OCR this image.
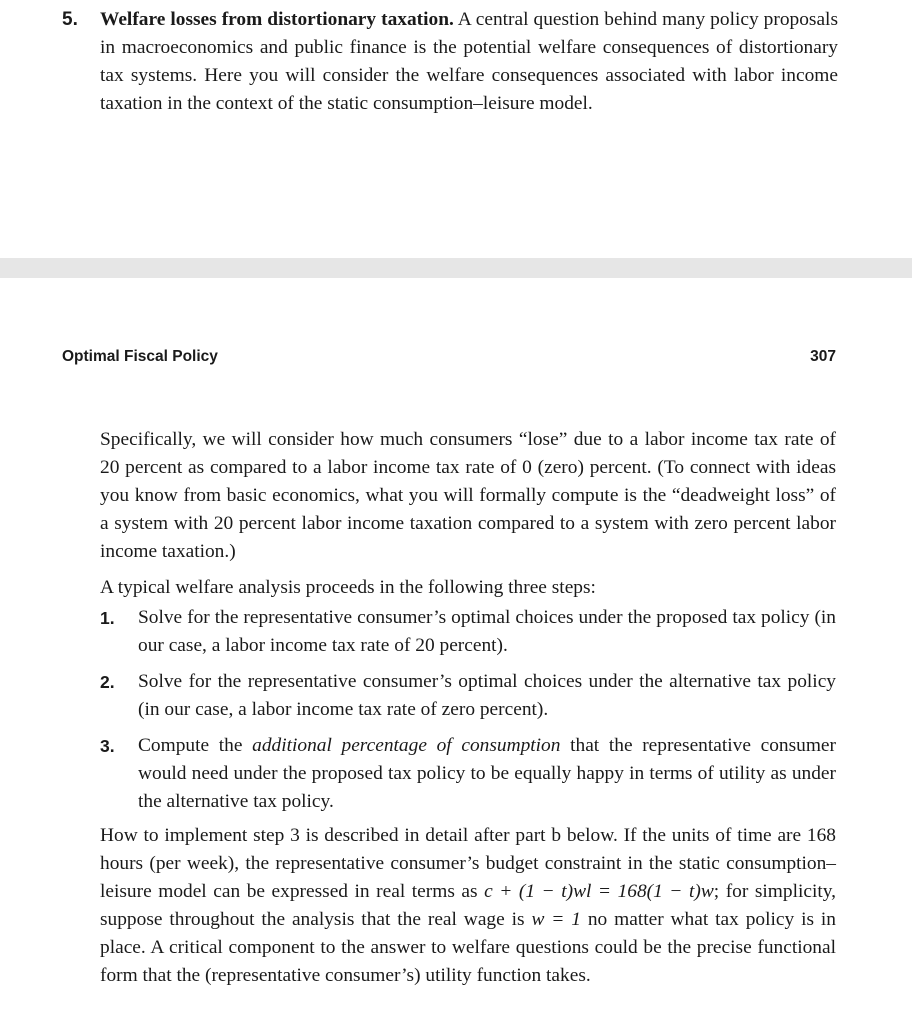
5. Welfare losses from distortionary taxation. A central question behind many policy proposals in macroeconomics and public finance is the potential welfare consequences of distortionary tax systems. Here you will consider the welfare consequences associated with labor income taxation in the context of the static consumption–leisure model.

Optimal Fiscal Policy	307

Specifically, we will consider how much consumers “lose” due to a labor income tax rate of 20 percent as compared to a labor income tax rate of 0 (zero) percent. (To connect with ideas you know from basic economics, what you will formally compute is the “deadweight loss” of a system with 20 percent labor income taxation compared to a system with zero percent labor income taxation.)

A typical welfare analysis proceeds in the following three steps:

1. Solve for the representative consumer’s optimal choices under the proposed tax policy (in our case, a labor income tax rate of 20 percent).
2. Solve for the representative consumer’s optimal choices under the alternative tax policy (in our case, a labor income tax rate of zero percent).
3. Compute the additional percentage of consumption that the representative consumer would need under the proposed tax policy to be equally happy in terms of utility as under the alternative tax policy.

How to implement step 3 is described in detail after part b below. If the units of time are 168 hours (per week), the representative consumer’s budget constraint in the static consumption–leisure model can be expressed in real terms as c + (1 − t)wl = 168(1 − t)w; for simplicity, suppose throughout the analysis that the real wage is w = 1 no matter what tax policy is in place. A critical component to the answer to welfare questions could be the precise functional form that the (representative consumer’s) utility function takes.
